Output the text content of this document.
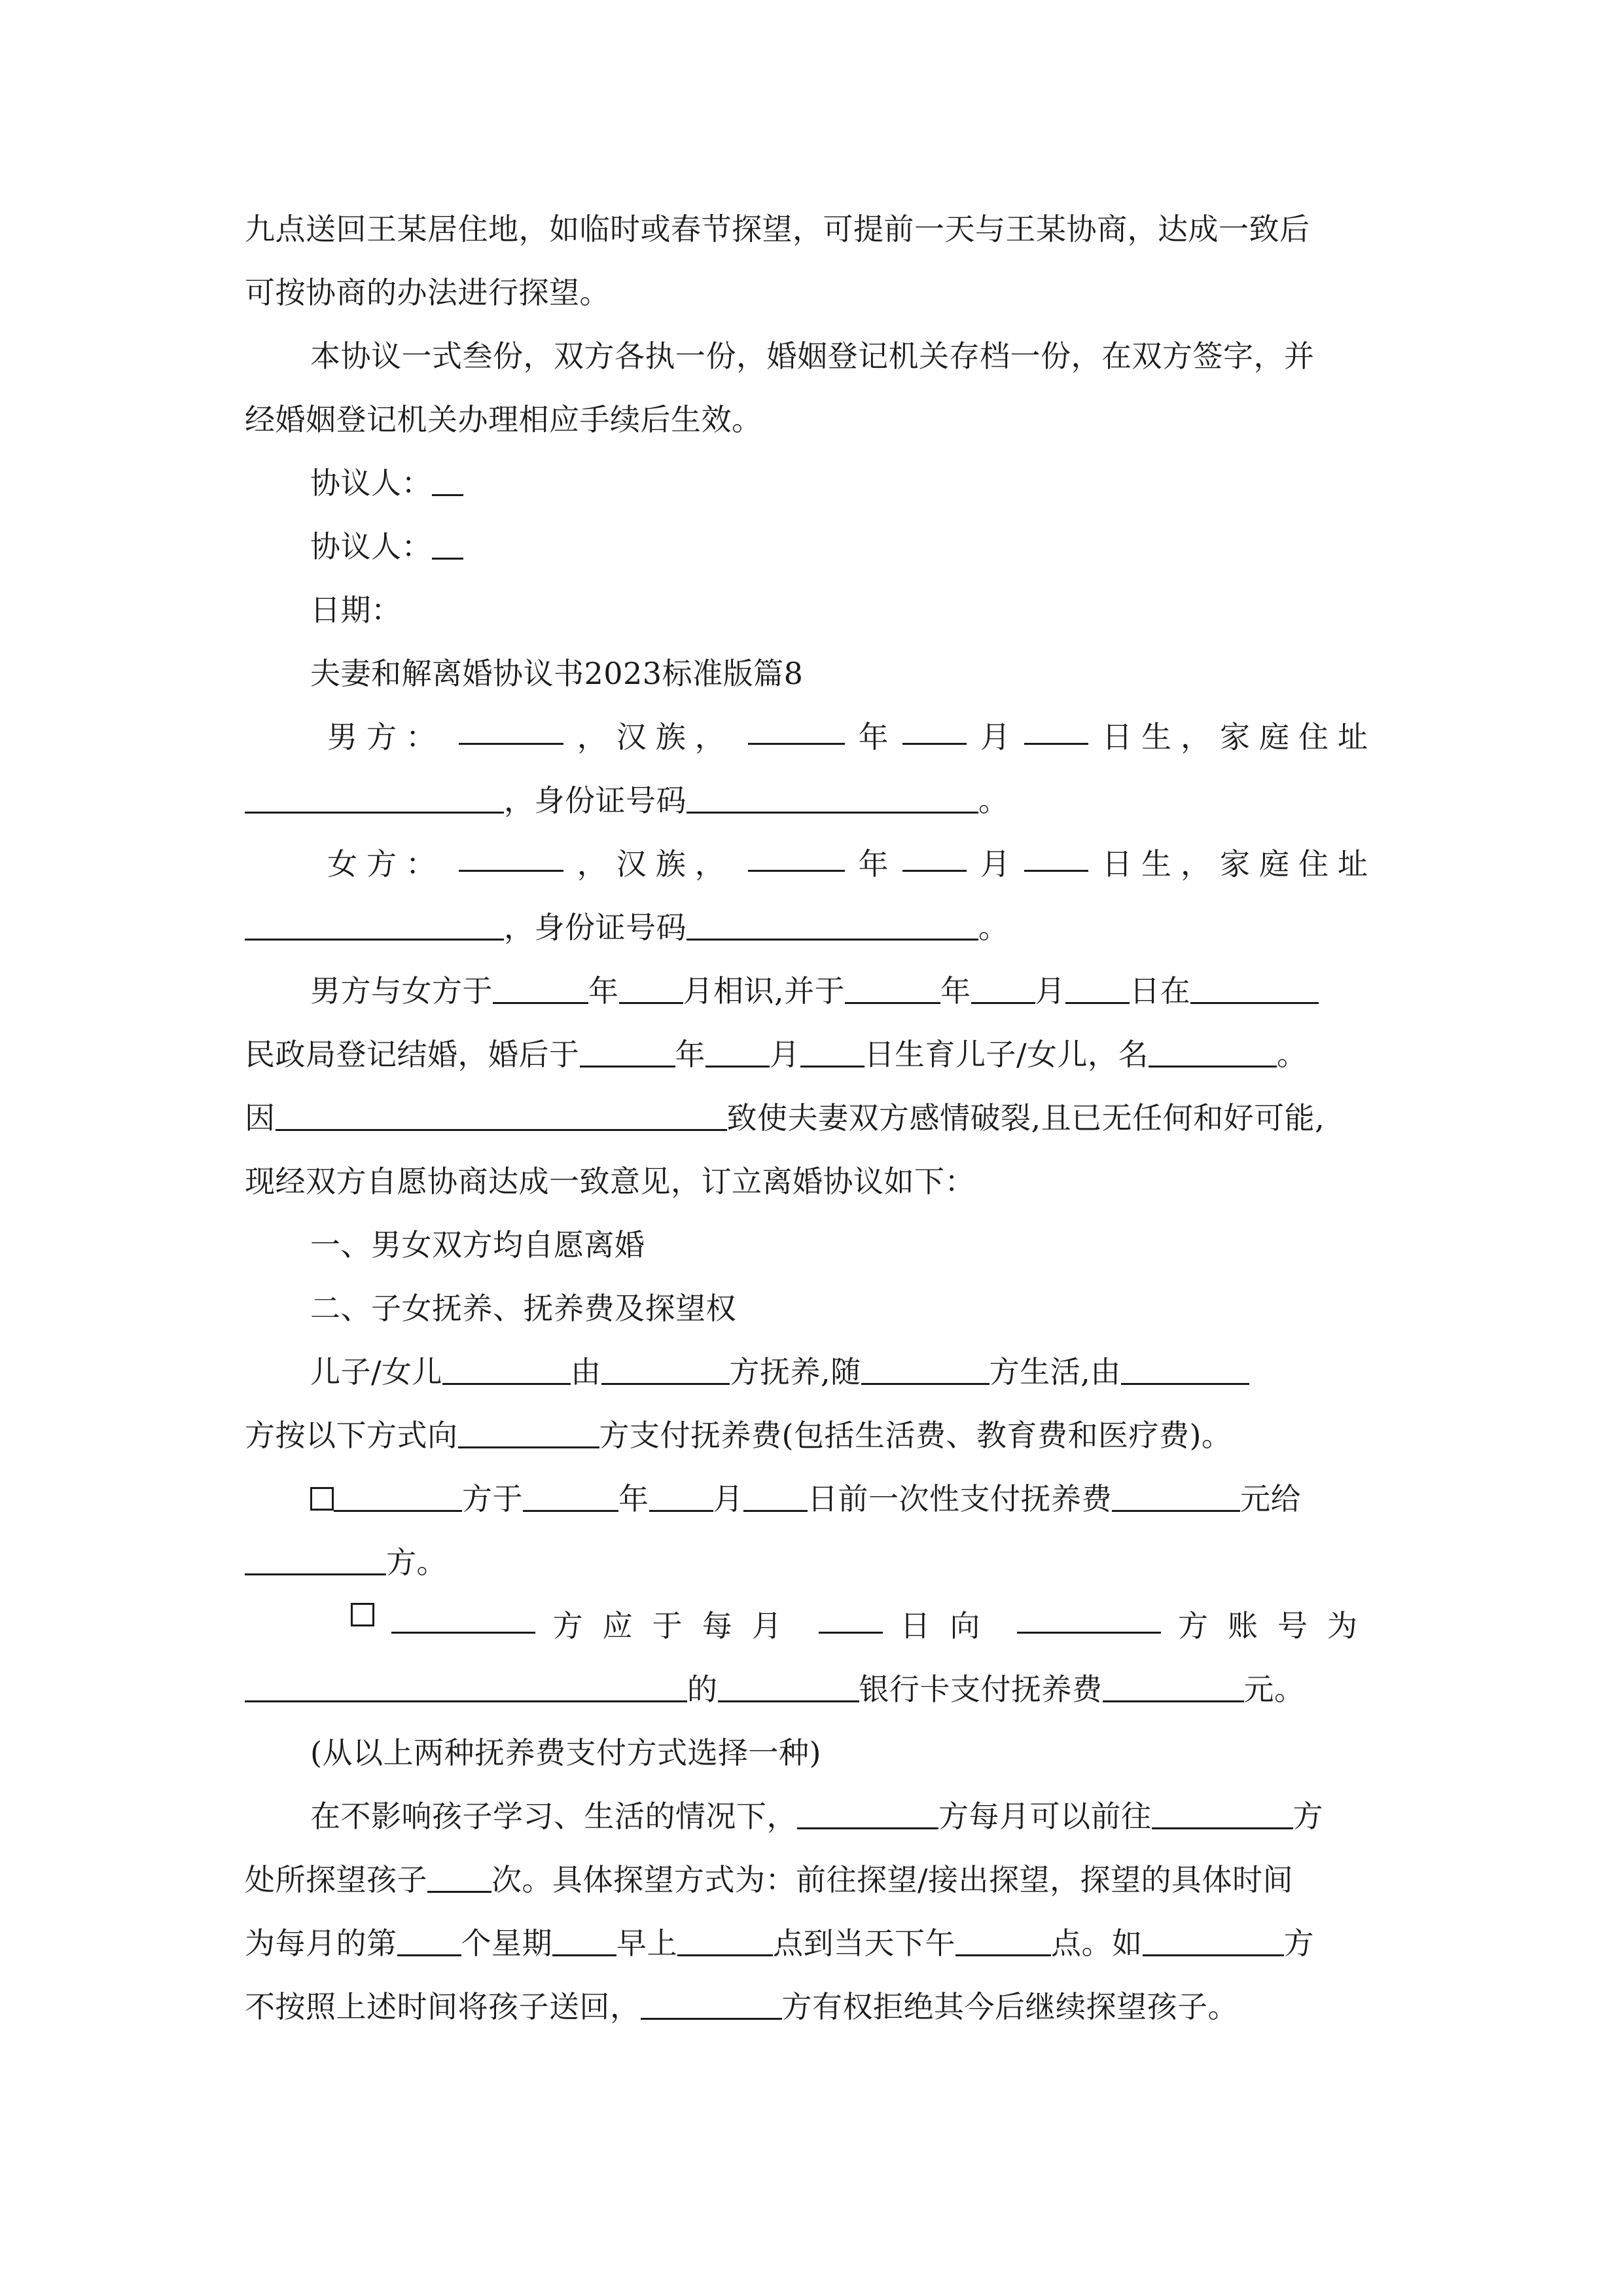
九点送回王某居住地，如临时或春节探望，可提前一天与王某协商，达成一致后
可按协商的办法进行探望。
本协议一式叁份，双方各执一份，婚姻登记机关存档一份，在双方签字，并
经婚姻登记机关办理相应手续后生效。
协议人：
协议人：
日期：
夫妻和解离婚协议书2023标准版篇8
男方：	，汉族，	年	月	日生，家庭住址
，身份证号码	。
女方：	，汉族，	年	月	日生，家庭住址
，身份证号码	。
男方与女方于	年 月相识,并于	年 月 日在
民政局登记结婚，婚后于	年 月 日生育儿子/女儿，名	。
因	致使夫妻双方感情破裂,且已无任何和好可能,
现经双方自愿协商达成一致意见，订立离婚协议如下：
一、男女双方均自愿离婚
二、子女抚养、抚养费及探望权
儿子/女儿	由	方抚养,随	方生活,由
方按以下方式向	方支付抚养费(包括生活费、教育费和医疗费)。
方于	年 月 日前一次性支付抚养费	元给
方。
方应于每月	日向	方账号为
的	银行卡支付抚养费	元。
(从以上两种抚养费支付方式选择一种)
在不影响孩子学习、生活的情况下，	方每月可以前往	方
处所探望孩子 次。具体探望方式为：前往探望/接出探望，探望的具体时间
为每月的第 个星期 早上	点到当天下午	点。如	方
不按照上述时间将孩子送回，	方有权拒绝其今后继续探望孩子。
